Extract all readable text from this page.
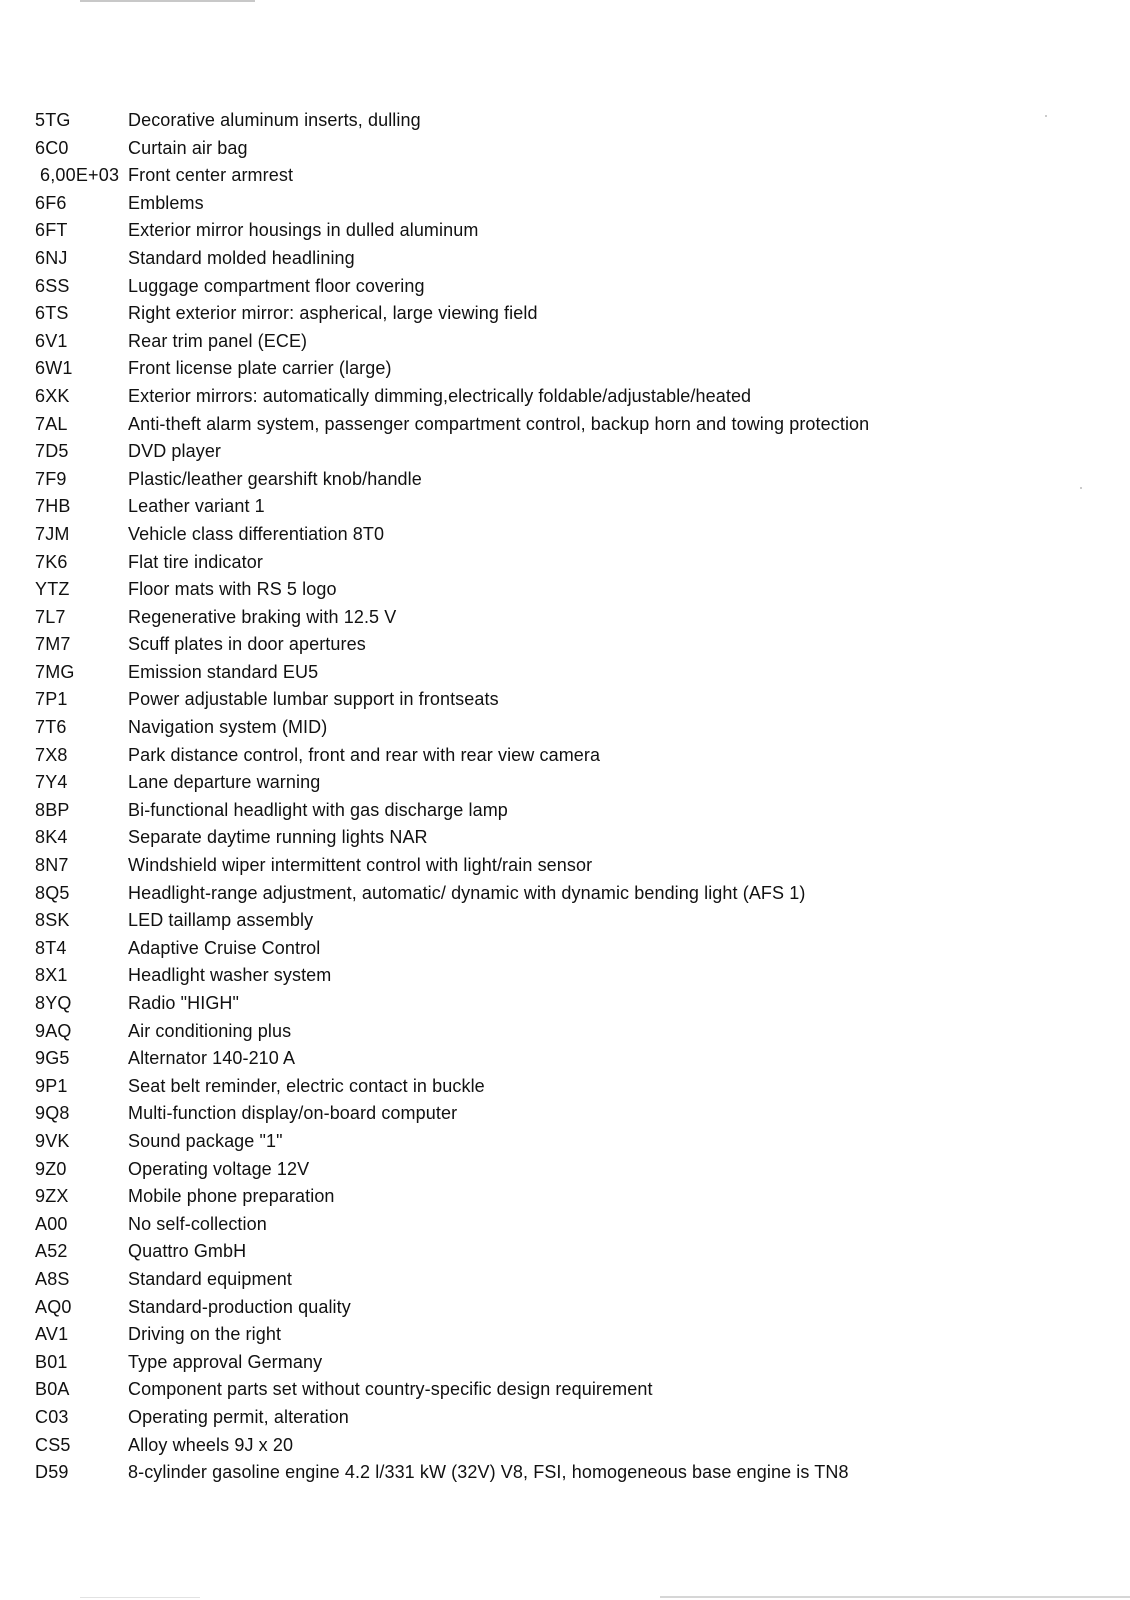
5TG	Decorative aluminum inserts, dulling
6C0	Curtain air bag
6,00E+03 Front center armrest
6F6	Emblems
6FT	Exterior mirror housings in dulled aluminum
6NJ	Standard molded headlining
6SS	Luggage compartment floor covering
6TS	Right exterior mirror: aspherical, large viewing field
6V1	Rear trim panel (ECE)
6W1	Front license plate carrier (large)
6XK	Exterior mirrors: automatically dimming,electrically foldable/adjustable/heated
7AL	Anti-theft alarm system, passenger compartment control, backup horn and towing protection
7D5	DVD player
7F9	Plastic/leather gearshift knob/handle
7HB	Leather variant 1
7JM	Vehicle class differentiation 8T0
7K6	Flat tire indicator
YTZ	Floor mats with RS 5 logo
7L7	Regenerative braking with 12.5 V
7M7	Scuff plates in door apertures
7MG	Emission standard EU5
7P1	Power adjustable lumbar support in frontseats
7T6	Navigation system (MID)
7X8	Park distance control, front and rear with rear view camera
7Y4	Lane departure warning
8BP	Bi-functional headlight with gas discharge lamp
8K4	Separate daytime running lights NAR
8N7	Windshield wiper intermittent control with light/rain sensor
8Q5	Headlight-range adjustment, automatic/ dynamic with dynamic bending light (AFS 1)
8SK	LED taillamp assembly
8T4	Adaptive Cruise Control
8X1	Headlight washer system
8YQ	Radio "HIGH"
9AQ	Air conditioning plus
9G5	Alternator 140-210 A
9P1	Seat belt reminder, electric contact in buckle
9Q8	Multi-function display/on-board computer
9VK	Sound package "1"
9Z0	Operating voltage 12V
9ZX	Mobile phone preparation
A00	No self-collection
A52	Quattro GmbH
A8S	Standard equipment
AQ0	Standard-production quality
AV1	Driving on the right
B01	Type approval Germany
B0A	Component parts set without country-specific design requirement
C03	Operating permit, alteration
CS5	Alloy wheels 9J x 20
D59	8-cylinder gasoline engine 4.2 l/331 kW (32V) V8, FSI, homogeneous base engine is TN8
